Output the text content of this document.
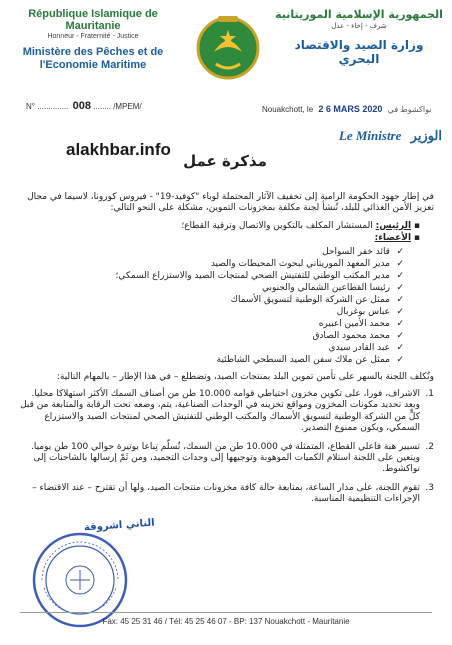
République Islamique de Mauritanie
Honneur - Fraternité - Justice
Ministère des Pêches et de
l'Economie Maritime
الجمهورية الإسلامية الموريتانية
شرف - إخاء - عدل
وزارة الصيد والاقتصاد البحري
N° .............. 008 ........ /MPEM/	Nouakchott, le 2 6 MARS 2020 نواكشوط في
Le Ministre الوزير
alakhbar.info
مذكرة عمل

في إطار جهود الحكومة الرامية إلى تخفيف الآثار المحتملة لوباء "كوفيد-19" - فيروس كورونا، لاسيما في مجال تعزيز الأمن الغذائي للبلد، تُنشأ لجنة مكلفة بمخزونات التموين، مشكلة على النحو التالي:

▪ الرئيس: المستشار المكلف بالتكوين والاتصال وترقية القطاع؛
▪ الأعضاء:
✓ قائد خفر السواحل
✓ مدير المعهد الموريتاني لبحوث المحيطات والصيد
✓ مدير المكتب الوطني للتفتيش الصحي لمنتجات الصيد والاستزراع السمكي؛
✓ رئيسا القطاعين الشمالي والجنوبي
✓ ممثل عن الشركة الوطنية لتسويق الأسماك
✓ عباس بوغربال
✓ محمد الأمين اعبيره
✓ محمد محمود الصادق
✓ عبد القادر سيدي
✓ ممثل عن ملاك سفن الصيد السطحي الشاطئية

وتُكلف اللجنة بالسهر على تأمين تموين البلد بمنتجات الصيد، وتضطلع – في هذا الإطار – بالمهام التالية:

1.
الاشراف، فورا، على تكوين مخزون احتياطي قوامه 10.000 طن من أصناف السمك الأكثر استهلاكا محليا. وبعد تحديد مكونات المخزون ومواقع تخزينه في الوحدات الصناعية، يتم، وضعه تحت الرقابة والمتابعة من قبل كلٍّ من الشركة الوطنية لتسويق الأسماك والمكتب الوطني للتفتيش الصحي لمنتجات الصيد والاستزراع السمكي، ويكون ممنوع التصدير.
2.
تسيير هبة فاعلي القطاع، المتمثلة في 10.000 طن من السمك، تُسلّم تِباعا بوتيرة حوالي 100 طن يوميا. ويتعين على اللجنة استلام الكميات الموهوبة وتوجيهها إلى وحدات التجميد، ومن ثَمّ إرسالها بالشاحنات إلى نواكشوط.
3.
تقوم اللجنة، على مدار الساعة، بمتابعة حالة كافة مخزونات منتجات الصيد، ولها أن تقترح – عند الاقتضاء – الإجراءات التنظيمية المناسبة.
الناني اشروقة
Fax: 45 25 31 46 / Tél: 45 25 46 07 - BP: 137 Nouakchott - Mauritanie
